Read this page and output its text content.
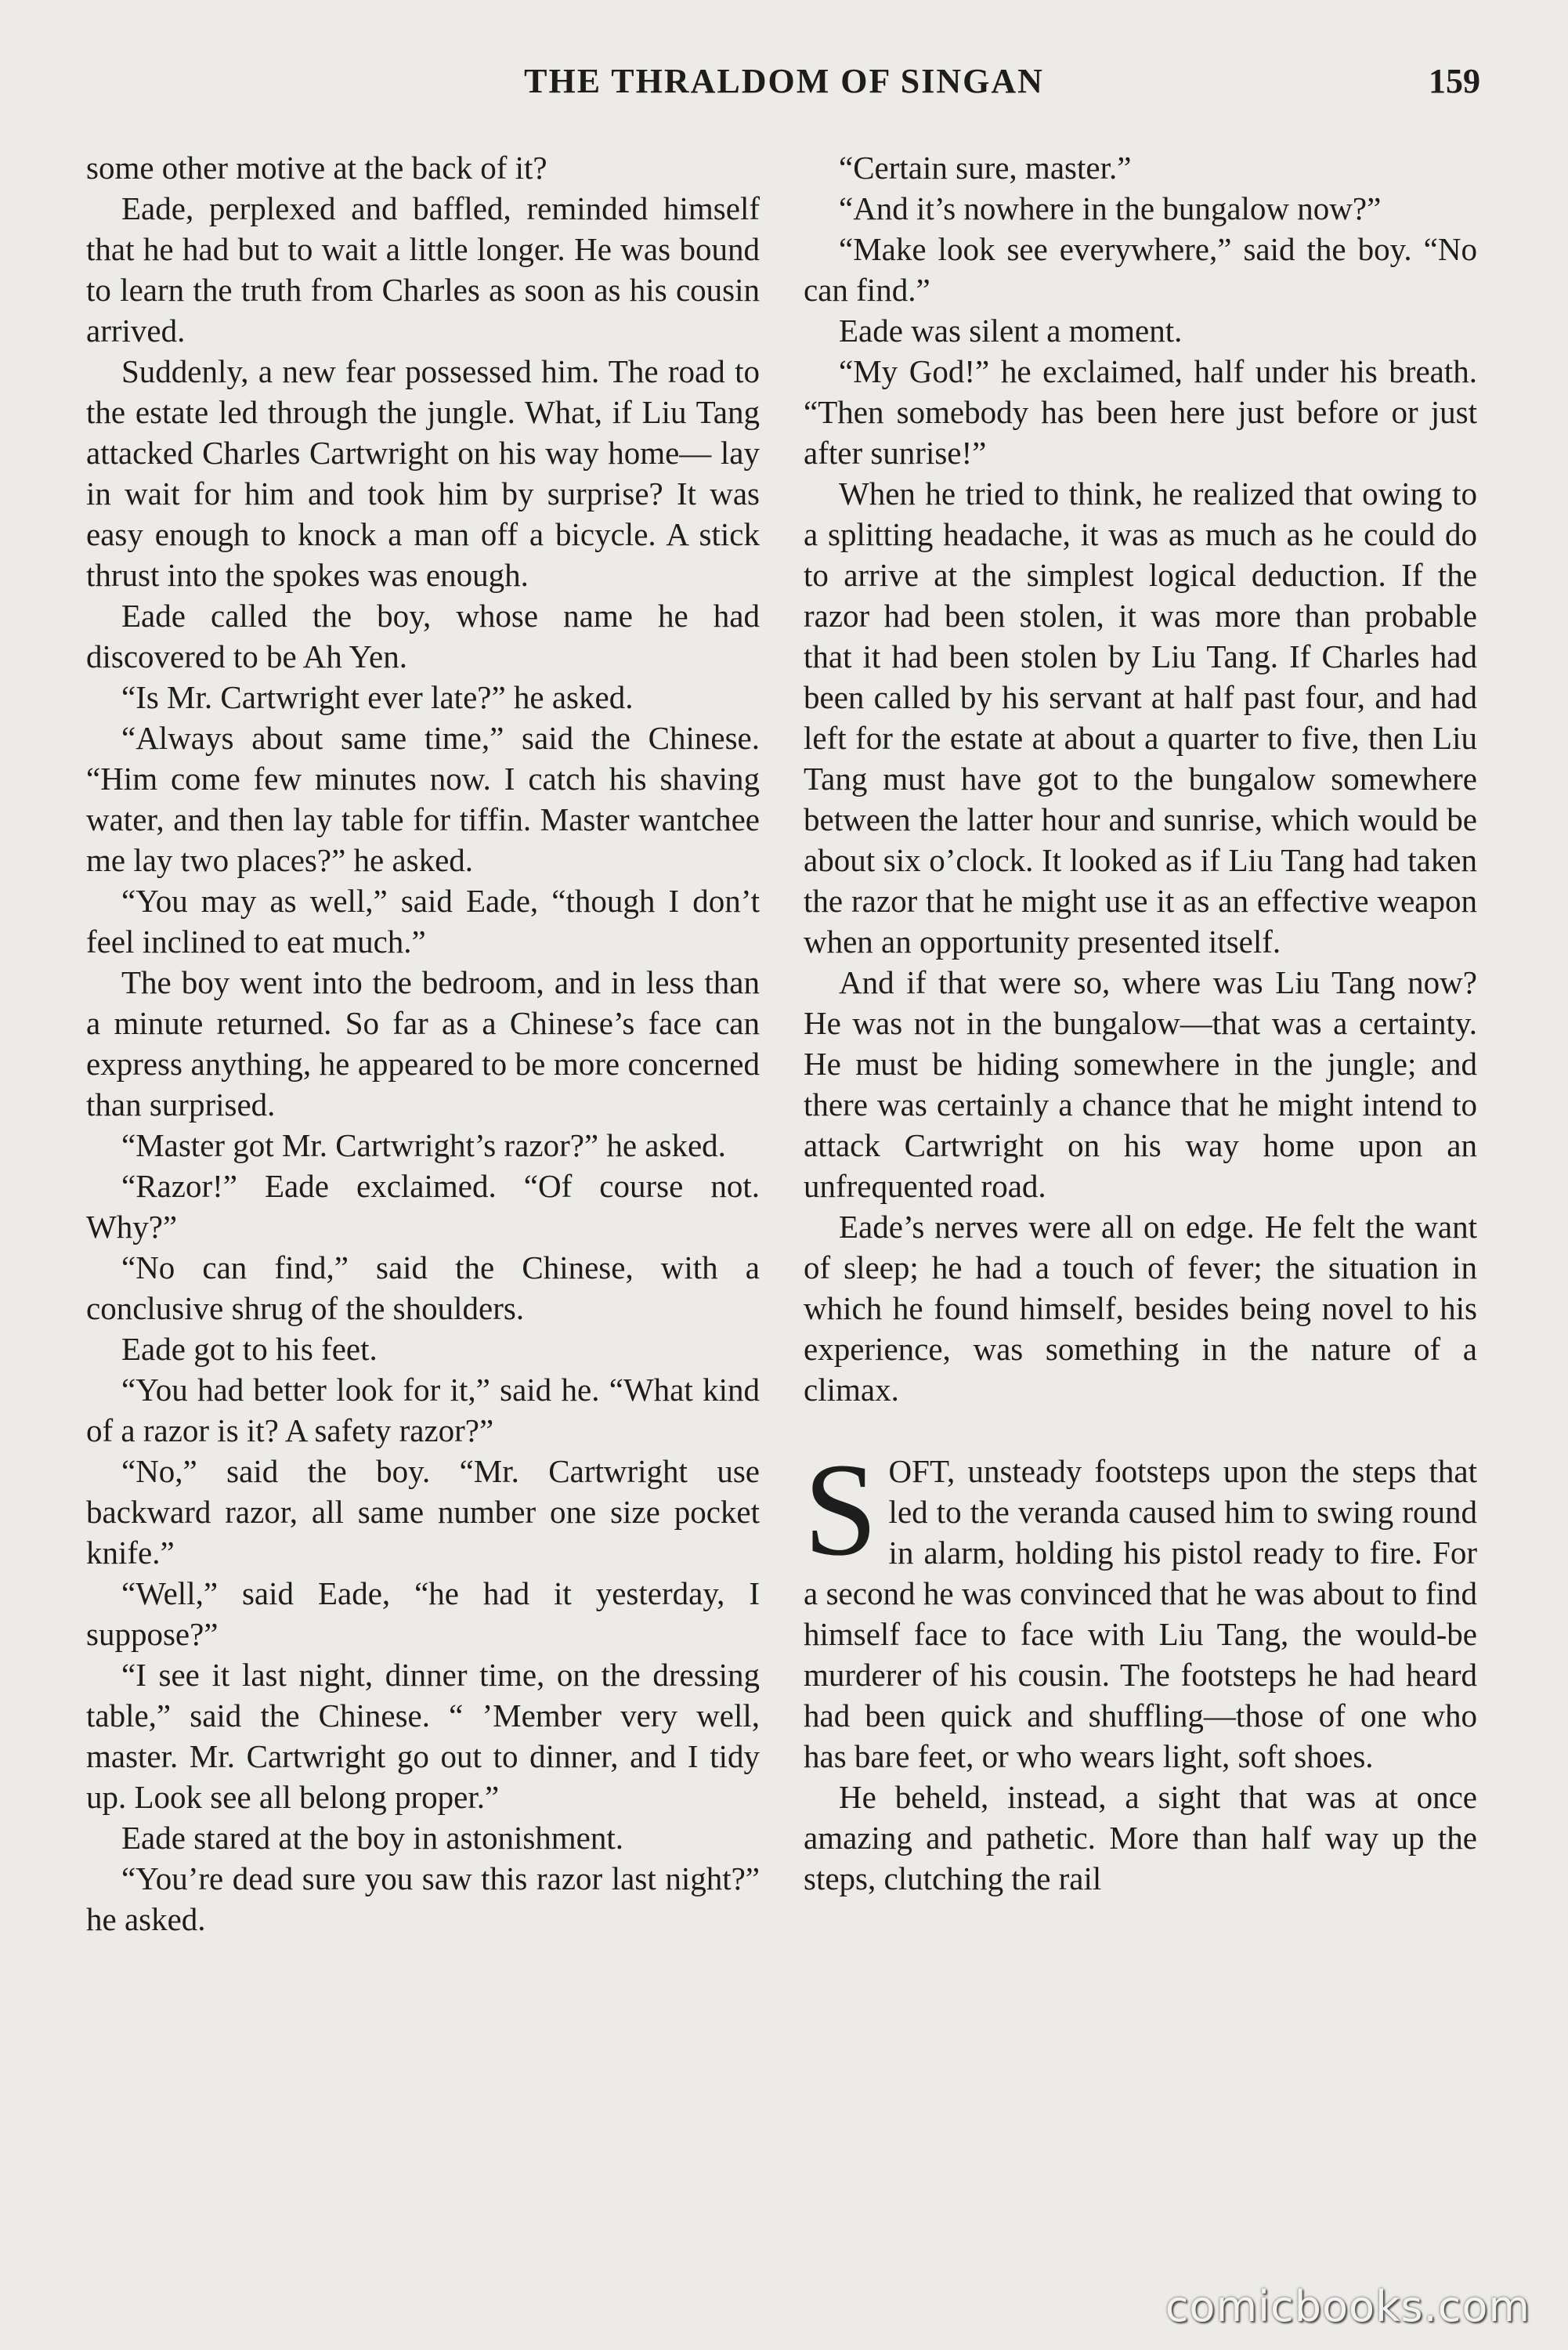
THE THRALDOM OF SINGAN	159

some other motive at the back of it?

Eade, perplexed and baffled, reminded himself that he had but to wait a little longer. He was bound to learn the truth from Charles as soon as his cousin arrived.

Suddenly, a new fear possessed him. The road to the estate led through the jungle. What, if Liu Tang attacked Charles Cartwright on his way home— lay in wait for him and took him by surprise? It was easy enough to knock a man off a bicycle. A stick thrust into the spokes was enough.

Eade called the boy, whose name he had discovered to be Ah Yen.

“Is Mr. Cartwright ever late?” he asked.

“Always about same time,” said the Chinese. “Him come few minutes now. I catch his shaving water, and then lay table for tiffin. Master wantchee me lay two places?” he asked.

“You may as well,” said Eade, “though I don’t feel inclined to eat much.”

The boy went into the bedroom, and in less than a minute returned. So far as a Chinese’s face can express anything, he appeared to be more concerned than surprised.

“Master got Mr. Cartwright’s razor?” he asked.

“Razor!” Eade exclaimed. “Of course not. Why?”

“No can find,” said the Chinese, with a conclusive shrug of the shoulders.

Eade got to his feet.

“You had better look for it,” said he. “What kind of a razor is it? A safety razor?”

“No,” said the boy. “Mr. Cartwright use backward razor, all same number one size pocket knife.”

“Well,” said Eade, “he had it yesterday, I suppose?”

“I see it last night, dinner time, on the dressing table,” said the Chinese. “ ’Member very well, master. Mr. Cartwright go out to dinner, and I tidy up. Look see all belong proper.”

Eade stared at the boy in astonishment.

“You’re dead sure you saw this razor last night?” he asked.

“Certain sure, master.”

“And it’s nowhere in the bungalow now?”

“Make look see everywhere,” said the boy. “No can find.”

Eade was silent a moment.

“My God!” he exclaimed, half under his breath. “Then somebody has been here just before or just after sunrise!”

When he tried to think, he realized that owing to a splitting headache, it was as much as he could do to arrive at the simplest logical deduction. If the razor had been stolen, it was more than probable that it had been stolen by Liu Tang. If Charles had been called by his servant at half past four, and had left for the estate at about a quarter to five, then Liu Tang must have got to the bungalow somewhere between the latter hour and sunrise, which would be about six o’clock. It looked as if Liu Tang had taken the razor that he might use it as an effective weapon when an opportunity presented itself.

And if that were so, where was Liu Tang now? He was not in the bungalow—that was a certainty. He must be hiding somewhere in the jungle; and there was certainly a chance that he might intend to attack Cartwright on his way home upon an unfrequented road.

Eade’s nerves were all on edge. He felt the want of sleep; he had a touch of fever; the situation in which he found himself, besides being novel to his experience, was something in the nature of a climax.

SOFT, unsteady footsteps upon the steps that led to the veranda caused him to swing round in alarm, holding his pistol ready to fire. For a second he was convinced that he was about to find himself face to face with Liu Tang, the would-be murderer of his cousin. The footsteps he had heard had been quick and shuffling—those of one who has bare feet, or who wears light, soft shoes.

He beheld, instead, a sight that was at once amazing and pathetic. More than half way up the steps, clutching the rail

comicbooks.com
